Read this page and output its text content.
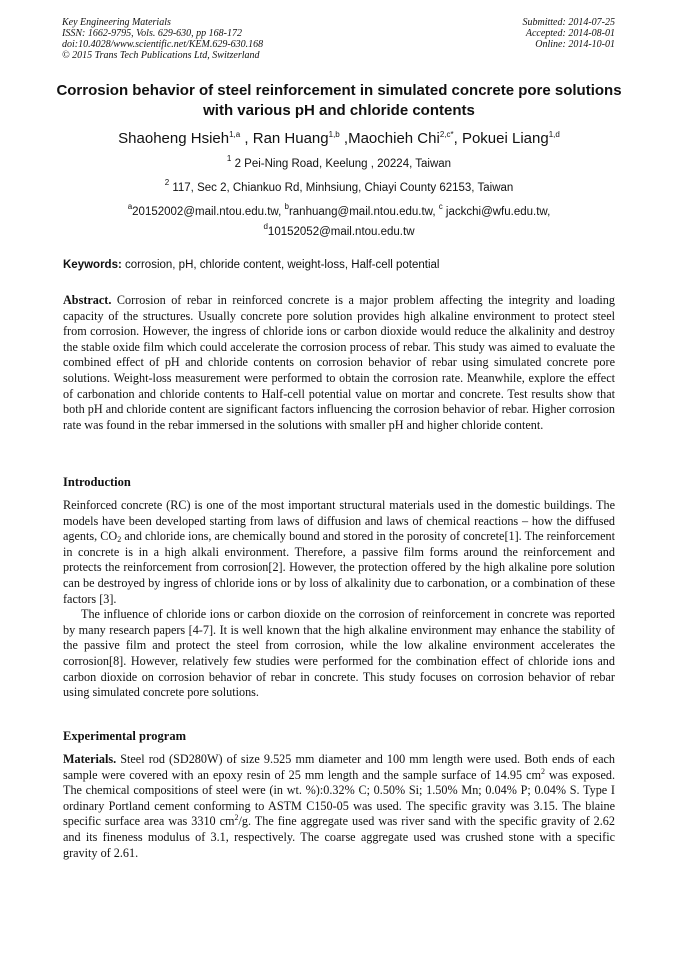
Key Engineering Materials
ISSN: 1662-9795, Vols. 629-630, pp 168-172
doi:10.4028/www.scientific.net/KEM.629-630.168
© 2015 Trans Tech Publications Ltd, Switzerland
Submitted: 2014-07-25
Accepted: 2014-08-01
Online: 2014-10-01
Corrosion behavior of steel reinforcement in simulated concrete pore solutions with various pH and chloride contents
Shaoheng Hsieh$^{1,a}$ , Ran Huang$^{1,b}$ ,Maochieh Chi$^{2,c*}$, Pokuei Liang$^{1,d}$
$^1$ 2 Pei-Ning Road, Keelung , 20224, Taiwan
$^2$ 117, Sec 2, Chiankuo Rd, Minhsiung, Chiayi County 62153, Taiwan
$^a$20152002@mail.ntou.edu.tw, $^b$ranhuang@mail.ntou.edu.tw, $^c$ jackchi@wfu.edu.tw,
$^d$10152052@mail.ntou.edu.tw
Keywords: corrosion, pH, chloride content, weight-loss, Half-cell potential

Abstract. Corrosion of rebar in reinforced concrete is a major problem affecting the integrity and loading capacity of the structures. Usually concrete pore solution provides high alkaline environment to protect steel from corrosion. However, the ingress of chloride ions or carbon dioxide would reduce the alkalinity and destroy the stable oxide film which could accelerate the corrosion process of rebar. This study was aimed to evaluate the combined effect of pH and chloride contents on corrosion behavior of rebar using simulated concrete pore solutions. Weight-loss measurement were performed to obtain the corrosion rate. Meanwhile, explore the effect of carbonation and chloride contents to Half-cell potential value on mortar and concrete. Test results show that both pH and chloride content are significant factors influencing the corrosion behavior of rebar. Higher corrosion rate was found in the rebar immersed in the solutions with smaller pH and higher chloride content.

Introduction

Reinforced concrete (RC) is one of the most important structural materials used in the domestic buildings. The models have been developed starting from laws of diffusion and laws of chemical reactions – how the diffused agents, $CO_2$ and chloride ions, are chemically bound and stored in the porosity of concrete[1]. The reinforcement in concrete is in a high alkali environment. Therefore, a passive film forms around the reinforcement and protects the reinforcement from corrosion[2]. However, the protection offered by the high alkaline pore solution can be destroyed by ingress of chloride ions or by loss of alkalinity due to carbonation, or a combination of these factors [3].

The influence of chloride ions or carbon dioxide on the corrosion of reinforcement in concrete was reported by many research papers [4-7]. It is well known that the high alkaline environment may enhance the stability of the passive film and protect the steel from corrosion, while the low alkaline environment accelerates the corrosion[8]. However, relatively few studies were performed for the combination effect of chloride ions and carbon dioxide on corrosion behavior of rebar in concrete. This study focuses on corrosion behavior of rebar using simulated concrete pore solutions.

Experimental program

Materials. Steel rod (SD280W) of size 9.525 mm diameter and 100 mm length were used. Both ends of each sample were covered with an epoxy resin of 25 mm length and the sample surface of 14.95 $cm^2$ was exposed. The chemical compositions of steel were (in wt. %):0.32% C; 0.50% Si; 1.50% Mn; 0.04% P; 0.04% S. Type I ordinary Portland cement conforming to ASTM C150-05 was used. The specific gravity was 3.15. The blaine specific surface area was 3310 $cm^2/g$. The fine aggregate used was river sand with the specific gravity of 2.62 and its fineness modulus of 3.1, respectively. The coarse aggregate used was crushed stone with a specific gravity of 2.61.
